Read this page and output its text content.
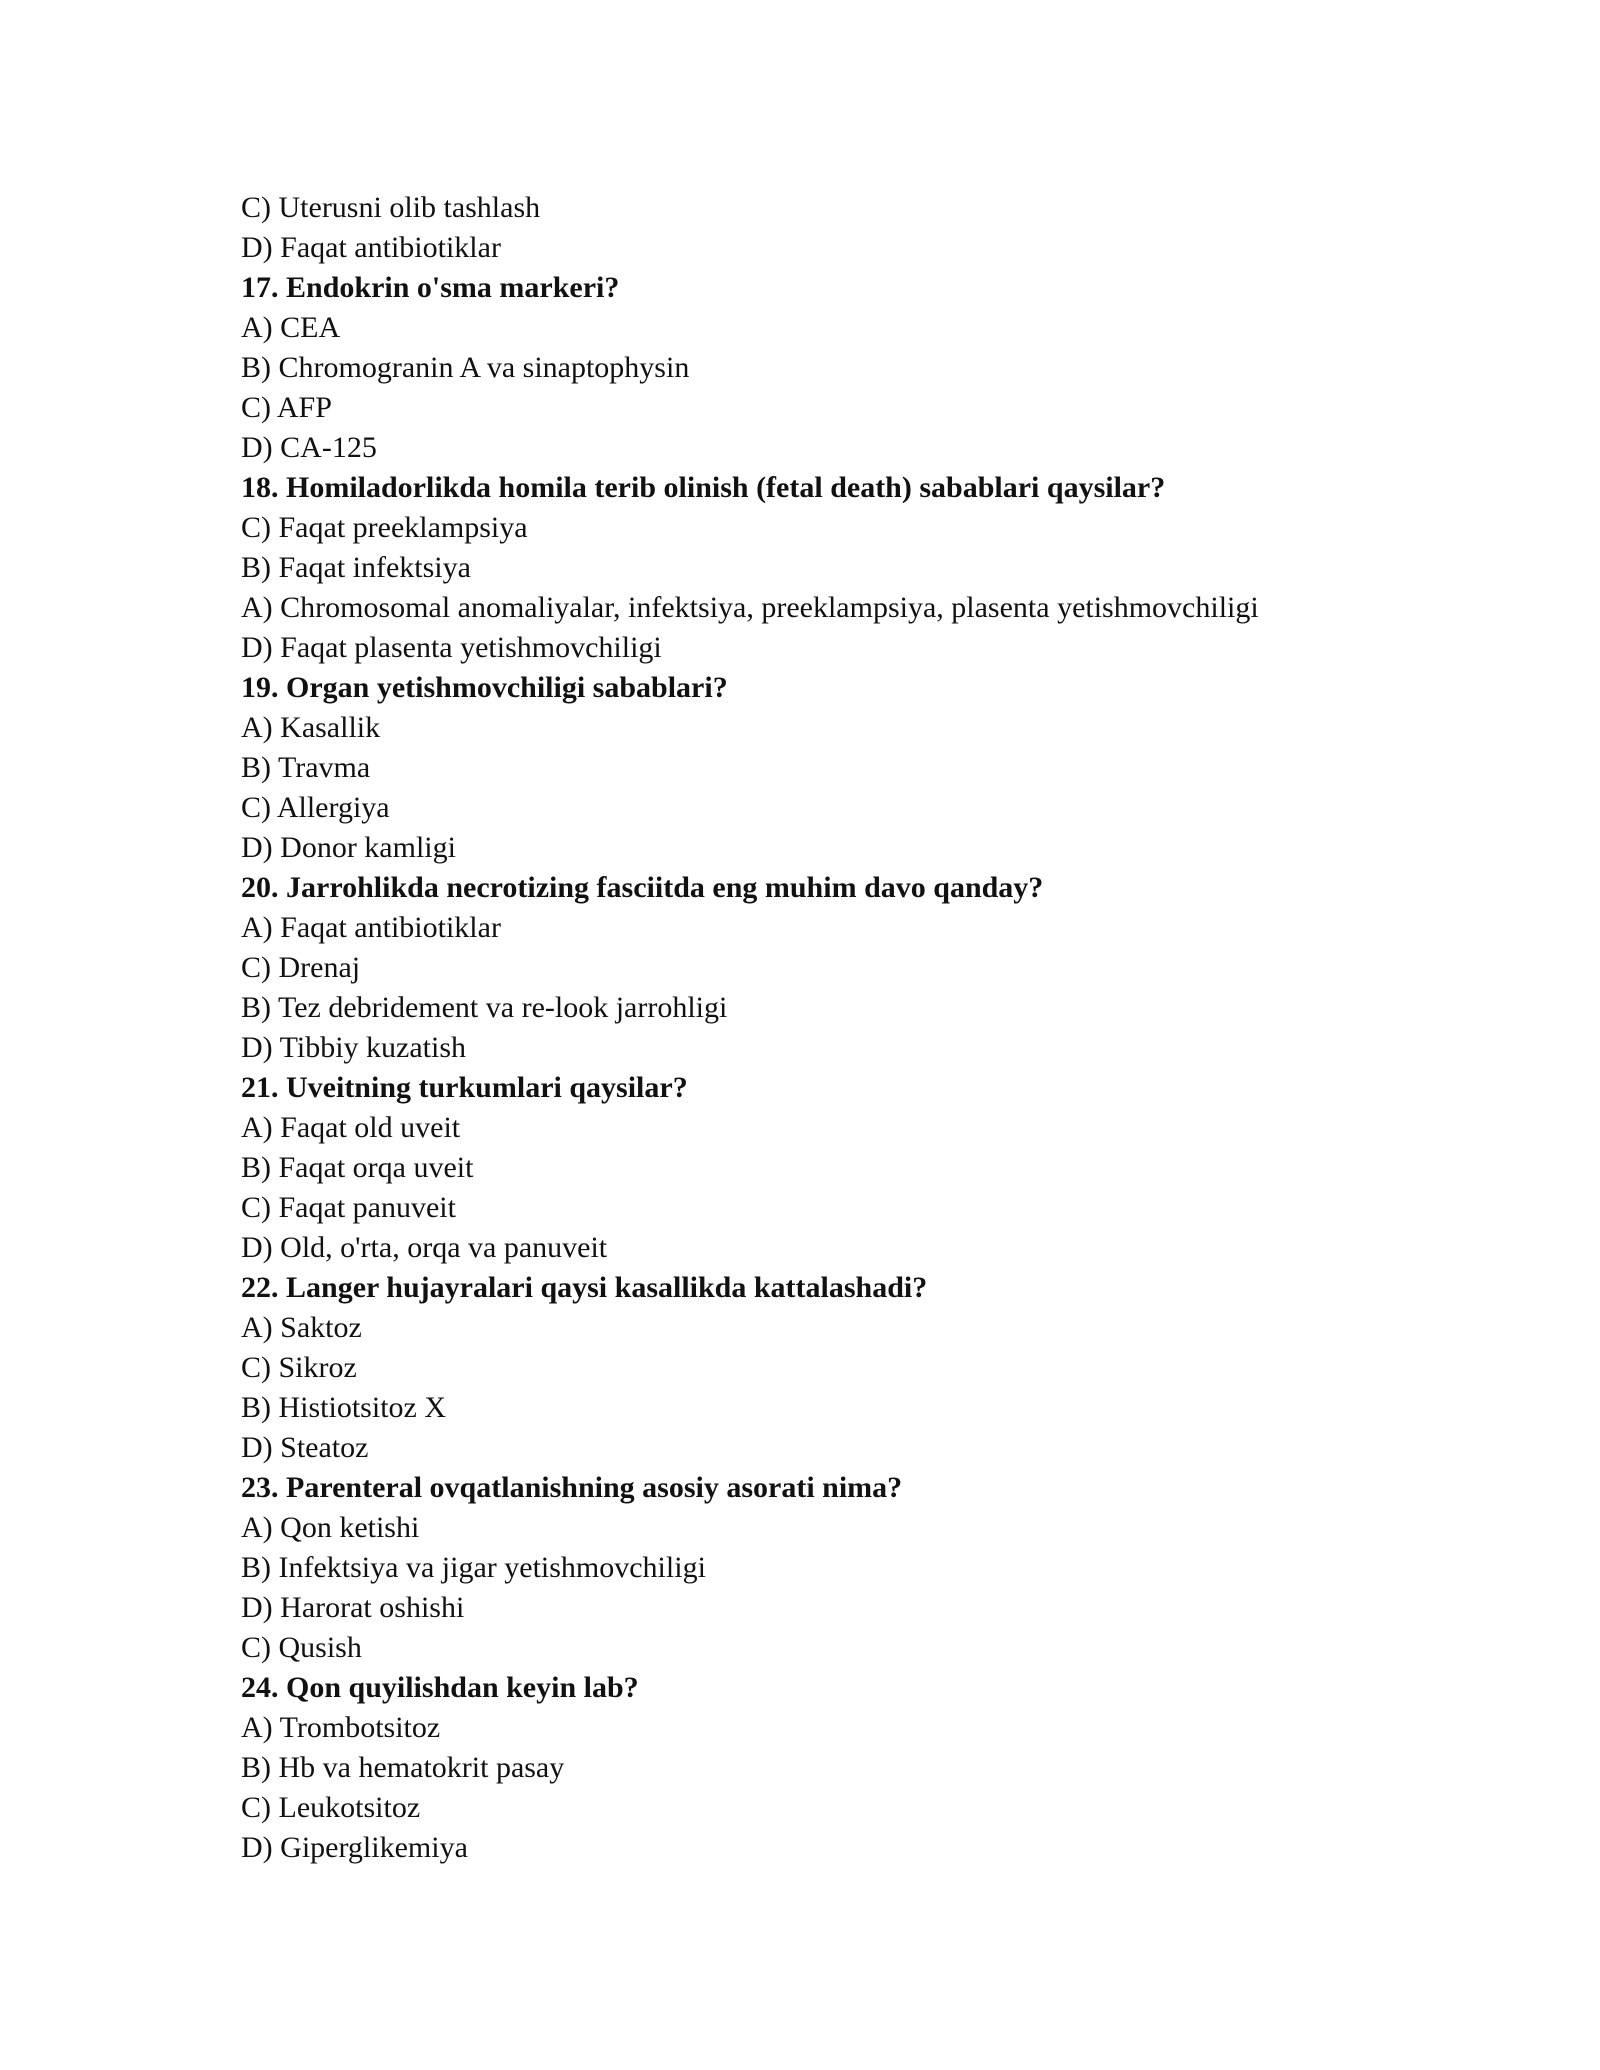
C) Uterusni olib tashlash
D) Faqat antibiotiklar
17. Endokrin o'sma markeri?
A) CEA
B) Chromogranin A va sinaptophysin
C) AFP
D) CA-125
18. Homiladorlikda homila terib olinish (fetal death) sabablari qaysilar?
C) Faqat preeklampsiya
B) Faqat infektsiya
A) Chromosomal anomaliyalar, infektsiya, preeklampsiya, plasenta yetishmovchiligi
D) Faqat plasenta yetishmovchiligi
19. Organ yetishmovchiligi sabablari?
A) Kasallik
B) Travma
C) Allergiya
D) Donor kamligi
20. Jarrohlikda necrotizing fasciitda eng muhim davo qanday?
A) Faqat antibiotiklar
C) Drenaj
B) Tez debridement va re-look jarrohligi
D) Tibbiy kuzatish
21. Uveitning turkumlari qaysilar?
A) Faqat old uveit
B) Faqat orqa uveit
C) Faqat panuveit
D) Old, o'rta, orqa va panuveit
22. Langer hujayralari qaysi kasallikda kattalashadi?
A) Saktoz
C) Sikroz
B) Histiotsitoz X
D) Steatoz
23. Parenteral ovqatlanishning asosiy asorati nima?
A) Qon ketishi
B) Infektsiya va jigar yetishmovchiligi
D) Harorat oshishi
C) Qusish
24. Qon quyilishdan keyin lab?
A) Trombotsitoz
B) Hb va hematokrit pasay
C) Leukotsitoz
D) Giperglikemiya
